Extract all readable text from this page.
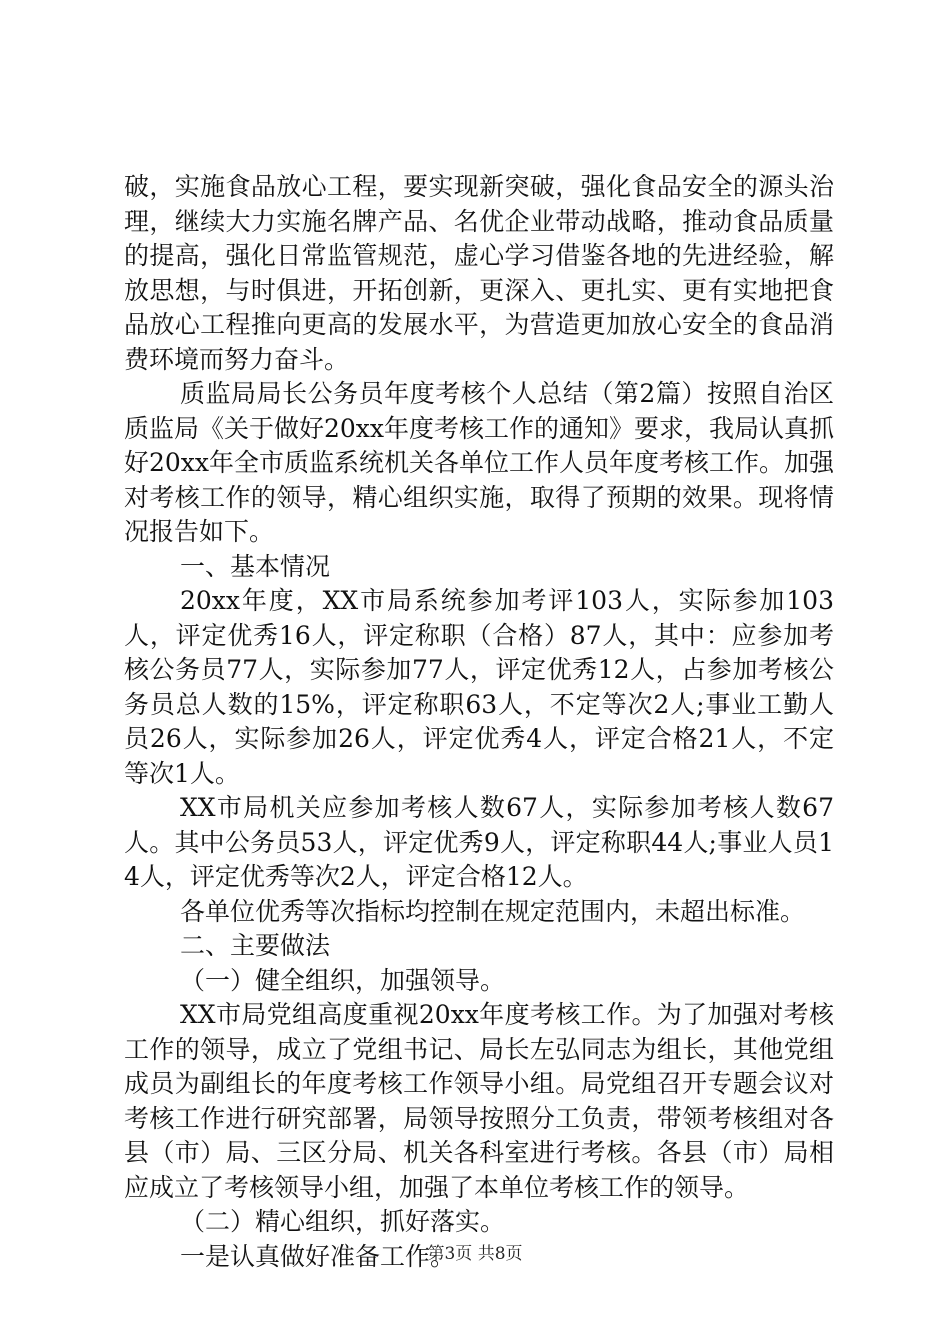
破，实施食品放心工程，要实现新突破，强化食品安全的源头治理，继续大力实施名牌产品、名优企业带动战略，推动食品质量的提高，强化日常监管规范，虚心学习借鉴各地的先进经验，解放思想，与时俱进，开拓创新，更深入、更扎实、更有实地把食品放心工程推向更高的发展水平，为营造更加放心安全的食品消费环境而努力奋斗。

质监局局长公务员年度考核个人总结（第2篇）按照自治区质监局《关于做好20xx年度考核工作的通知》要求，我局认真抓好20xx年全市质监系统机关各单位工作人员年度考核工作。加强对考核工作的领导，精心组织实施，取得了预期的效果。现将情况报告如下。

一、基本情况

20xx年度，XX市局系统参加考评103人，实际参加103人，评定优秀16人，评定称职（合格）87人，其中：应参加考核公务员77人，实际参加77人，评定优秀12人，占参加考核公务员总人数的15%，评定称职63人，不定等次2人;事业工勤人员26人，实际参加26人，评定优秀4人，评定合格21人，不定等次1人。

XX市局机关应参加考核人数67人，实际参加考核人数67人。其中公务员53人，评定优秀9人，评定称职44人;事业人员14人，评定优秀等次2人，评定合格12人。

各单位优秀等次指标均控制在规定范围内，未超出标准。

二、主要做法

（一）健全组织，加强领导。

XX市局党组高度重视20xx年度考核工作。为了加强对考核工作的领导，成立了党组书记、局长左弘同志为组长，其他党组成员为副组长的年度考核工作领导小组。局党组召开专题会议对考核工作进行研究部署，局领导按照分工负责，带领考核组对各县（市）局、三区分局、机关各科室进行考核。各县（市）局相应成立了考核领导小组，加强了本单位考核工作的领导。

（二）精心组织，抓好落实。

一是认真做好准备工作。

第3页 共8页
